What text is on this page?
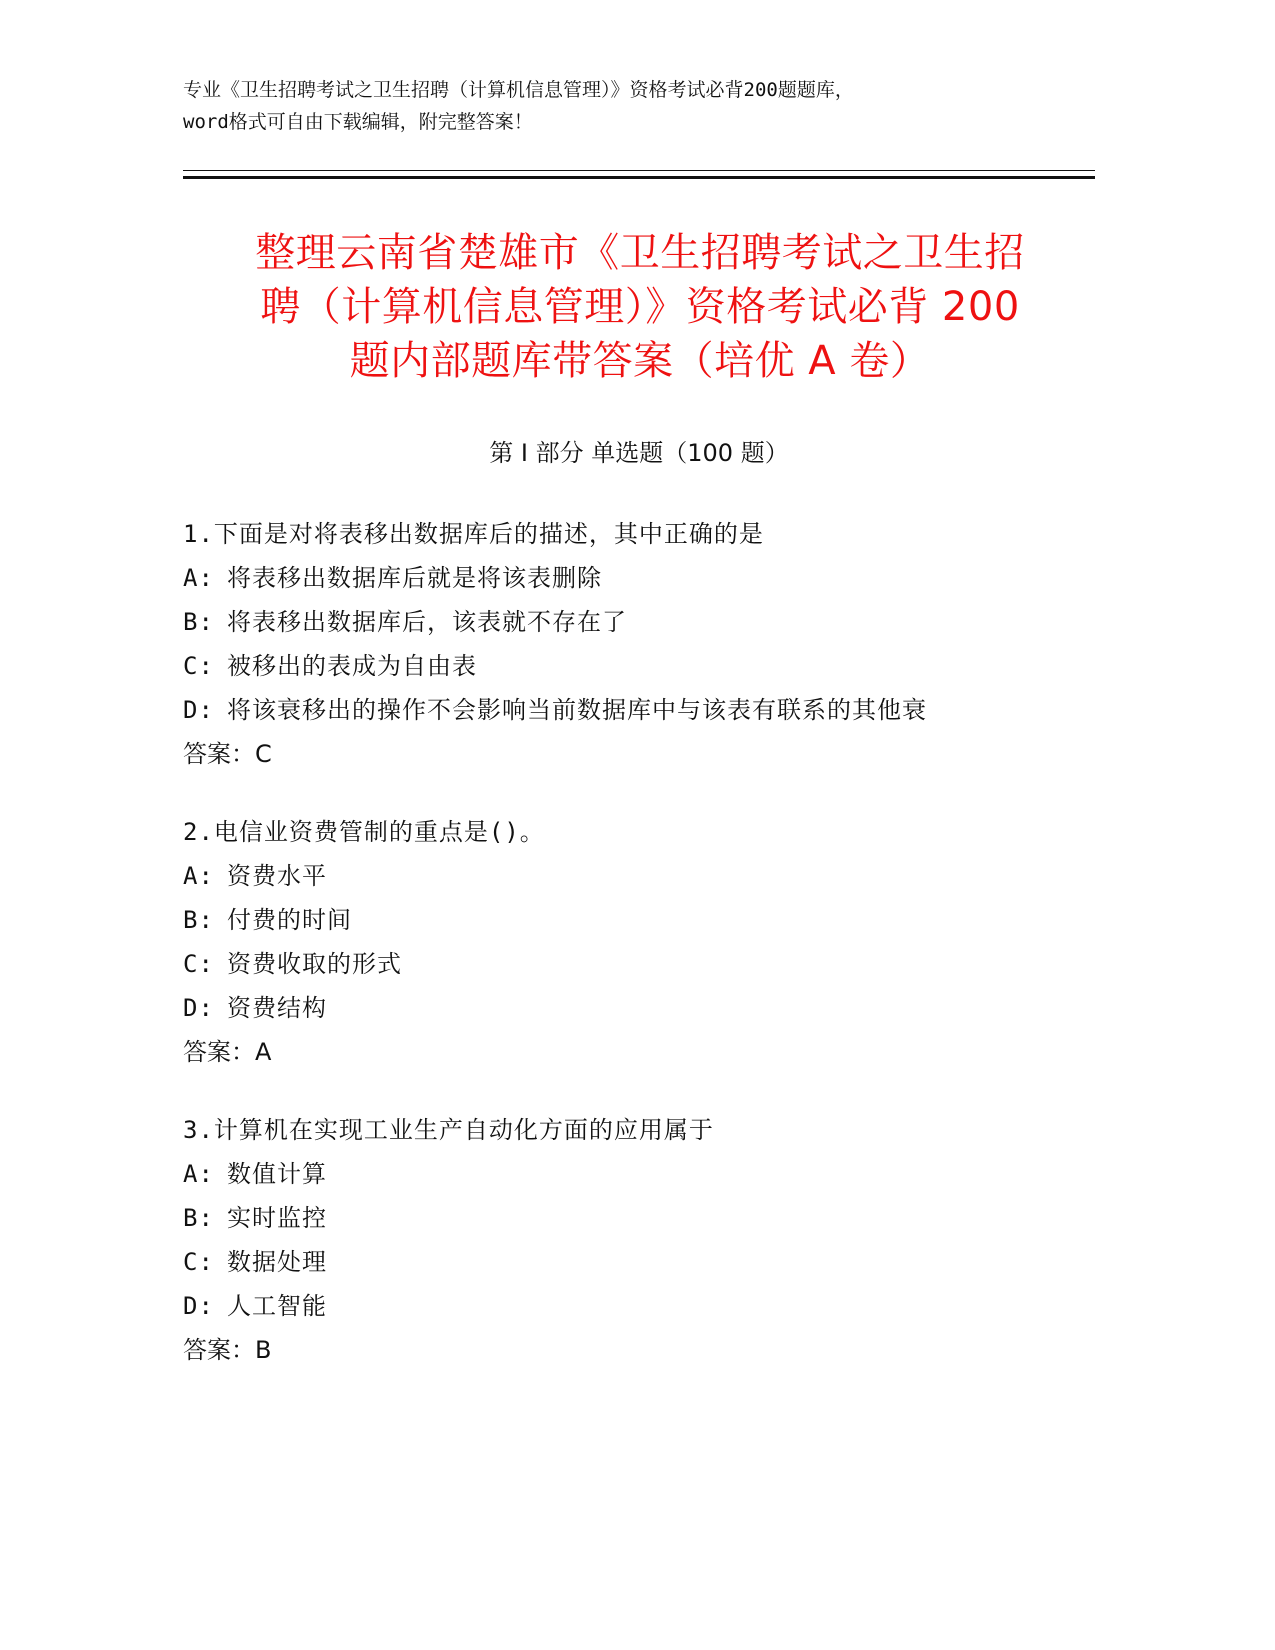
专业《卫生招聘考试之卫生招聘（计算机信息管理）》资格考试必背200题题库，
word格式可自由下载编辑，附完整答案！
整理云南省楚雄市《卫生招聘考试之卫生招
聘（计算机信息管理）》资格考试必背 200
题内部题库带答案（培优 A 卷）
第 I 部分 单选题（100 题）
1.下面是对将表移出数据库后的描述，其中正确的是
A: 将表移出数据库后就是将该表删除
B: 将表移出数据库后，该表就不存在了
C: 被移出的表成为自由表
D: 将该衰移出的操作不会影响当前数据库中与该表有联系的其他衰
答案：C
2.电信业资费管制的重点是()。
A: 资费水平
B: 付费的时间
C: 资费收取的形式
D: 资费结构
答案：A
3.计算机在实现工业生产自动化方面的应用属于
A: 数值计算
B: 实时监控
C: 数据处理
D: 人工智能
答案：B
